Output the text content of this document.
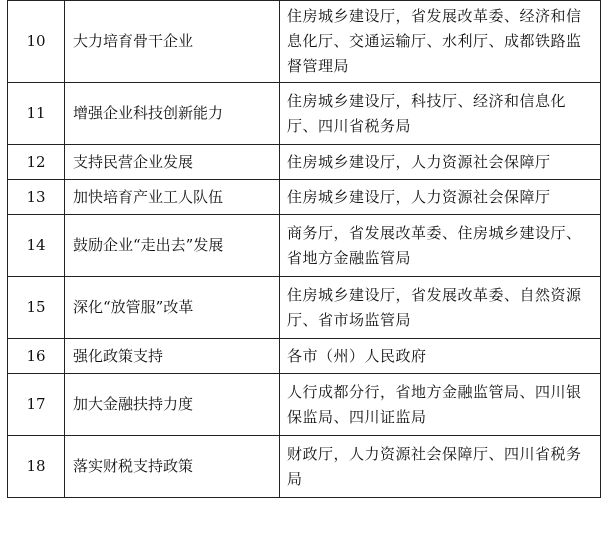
10	大力培育骨干企业	住房城乡建设厅，省发展改革委、经济和信息化厅、交通运输厅、水利厅、成都铁路监督管理局
11	增强企业科技创新能力	住房城乡建设厅，科技厅、经济和信息化厅、四川省税务局
12	支持民营企业发展	住房城乡建设厅，人力资源社会保障厅
13	加快培育产业工人队伍	住房城乡建设厅，人力资源社会保障厅
14	鼓励企业“走出去”发展	商务厅，省发展改革委、住房城乡建设厅、省地方金融监管局
15	深化“放管服”改革	住房城乡建设厅，省发展改革委、自然资源厅、省市场监管局
16	强化政策支持	各市（州）人民政府
17	加大金融扶持力度	人行成都分行，省地方金融监管局、四川银保监局、四川证监局
18	落实财税支持政策	财政厅，人力资源社会保障厅、四川省税务局
